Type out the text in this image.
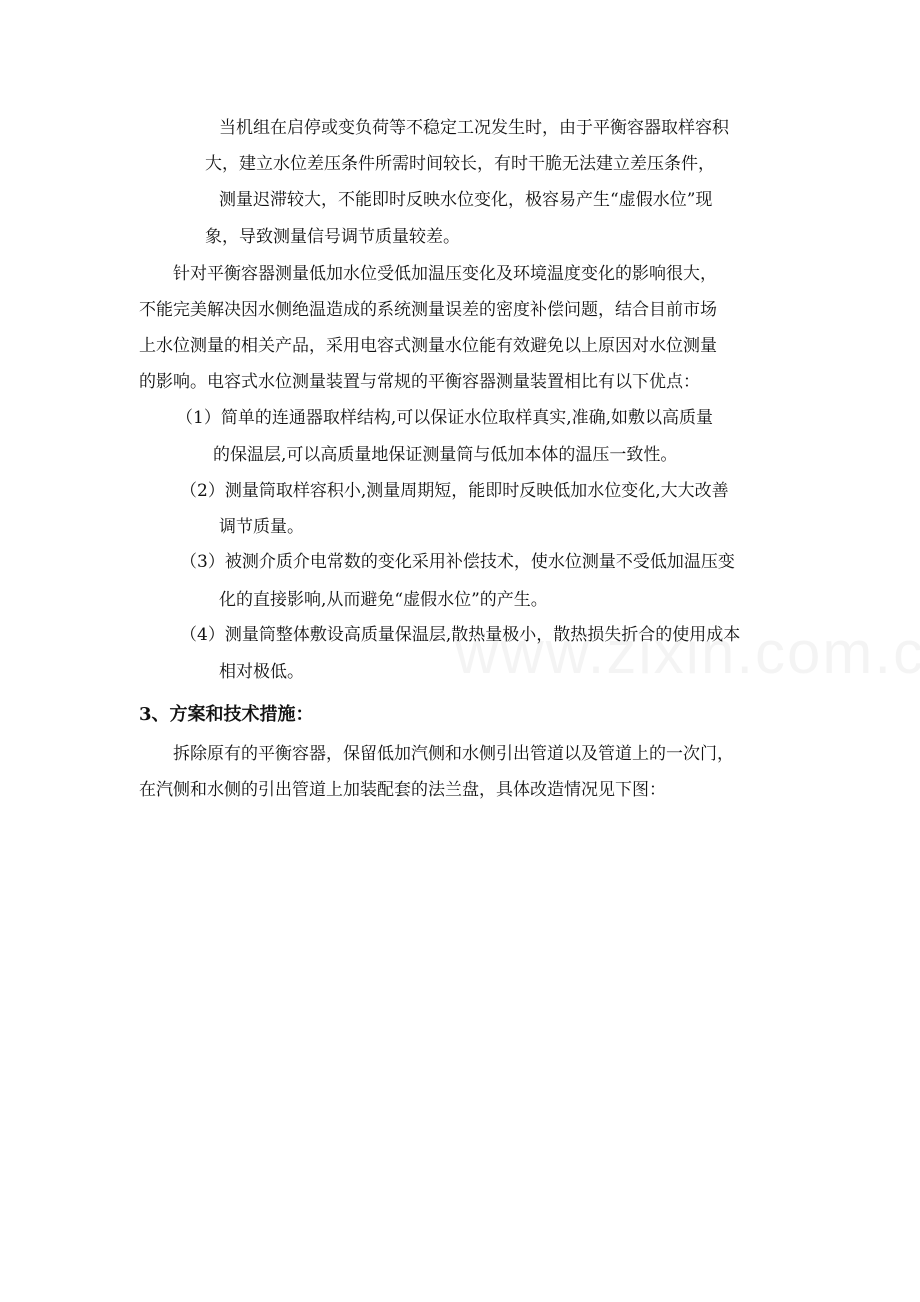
当机组在启停或变负荷等不稳定工况发生时，由于平衡容器取样容积
大，建立水位差压条件所需时间较长，有时干脆无法建立差压条件，
测量迟滞较大，不能即时反映水位变化，极容易产生“虚假水位”现
象，导致测量信号调节质量较差。
针对平衡容器测量低加水位受低加温压变化及环境温度变化的影响很大，
不能完美解决因水侧绝温造成的系统测量误差的密度补偿问题，结合目前市场
上水位测量的相关产品，采用电容式测量水位能有效避免以上原因对水位测量
的影响。电容式水位测量装置与常规的平衡容器测量装置相比有以下优点：
（1）简单的连通器取样结构,可以保证水位取样真实,准确,如敷以高质量
的保温层,可以高质量地保证测量筒与低加本体的温压一致性。
（2）测量筒取样容积小,测量周期短，能即时反映低加水位变化,大大改善
调节质量。
（3）被测介质介电常数的变化采用补偿技术，使水位测量不受低加温压变
化的直接影响,从而避免“虚假水位”的产生。
（4）测量筒整体敷设高质量保温层,散热量极小，散热损失折合的使用成本
相对极低。
3、方案和技术措施：
拆除原有的平衡容器，保留低加汽侧和水侧引出管道以及管道上的一次门，
在汽侧和水侧的引出管道上加装配套的法兰盘，具体改造情况见下图：
